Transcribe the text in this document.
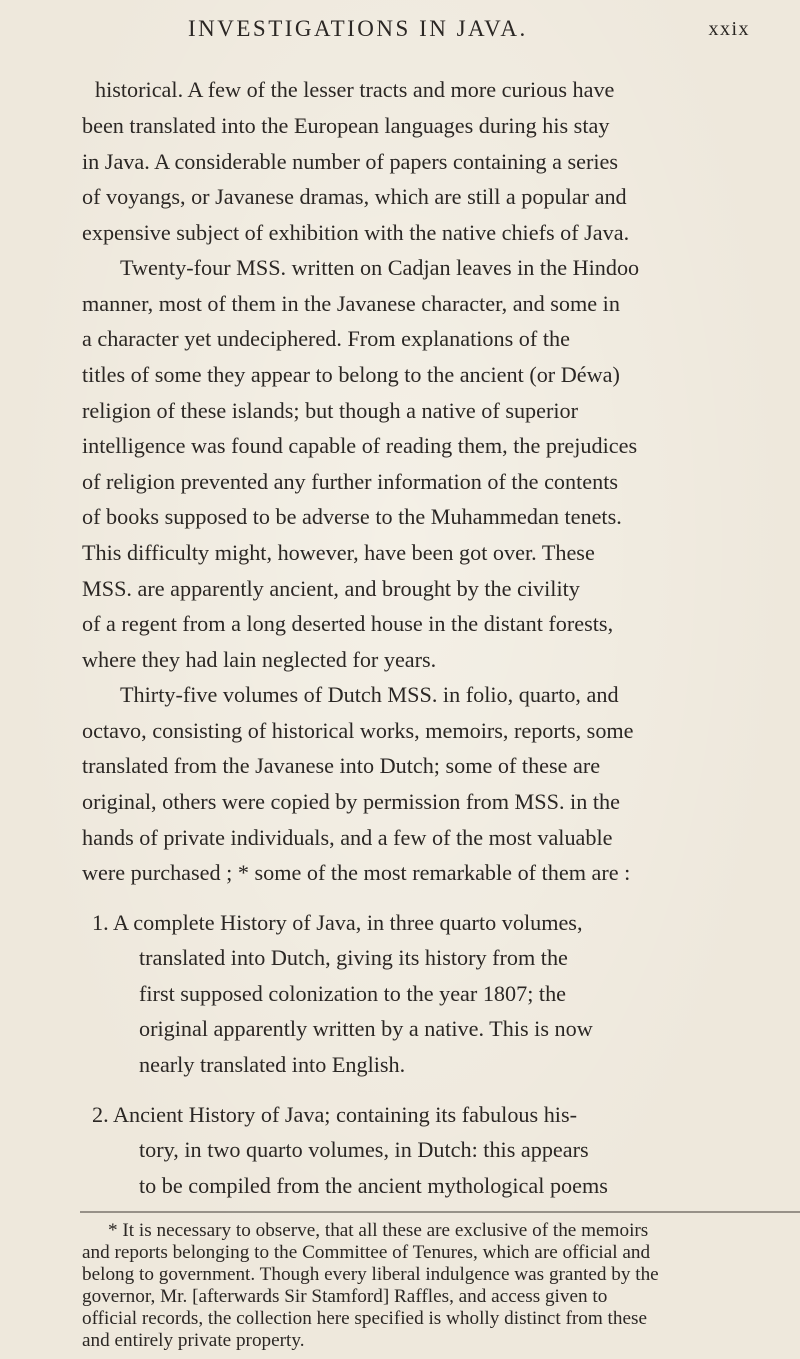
INVESTIGATIONS IN JAVA.	xxix
historical. A few of the lesser tracts and more curious have
been translated into the European languages during his stay
in Java. A considerable number of papers containing a series
of voyangs, or Javanese dramas, which are still a popular and
expensive subject of exhibition with the native chiefs of Java.
Twenty-four MSS. written on Cadjan leaves in the Hindoo
manner, most of them in the Javanese character, and some in
a character yet undeciphered. From explanations of the
titles of some they appear to belong to the ancient (or Déwa)
religion of these islands; but though a native of superior
intelligence was found capable of reading them, the prejudices
of religion prevented any further information of the contents
of books supposed to be adverse to the Muhammedan tenets.
This difficulty might, however, have been got over. These
MSS. are apparently ancient, and brought by the civility
of a regent from a long deserted house in the distant forests,
where they had lain neglected for years.
Thirty-five volumes of Dutch MSS. in folio, quarto, and
octavo, consisting of historical works, memoirs, reports, some
translated from the Javanese into Dutch; some of these are
original, others were copied by permission from MSS. in the
hands of private individuals, and a few of the most valuable
were purchased ; * some of the most remarkable of them are :
1. A complete History of Java, in three quarto volumes,
translated into Dutch, giving its history from the
first supposed colonization to the year 1807; the
original apparently written by a native. This is now
nearly translated into English.
2. Ancient History of Java; containing its fabulous his-
tory, in two quarto volumes, in Dutch: this appears
to be compiled from the ancient mythological poems
* It is necessary to observe, that all these are exclusive of the memoirs
and reports belonging to the Committee of Tenures, which are official and
belong to government. Though every liberal indulgence was granted by the
governor, Mr. [afterwards Sir Stamford] Raffles, and access given to
official records, the collection here specified is wholly distinct from these
and entirely private property.
